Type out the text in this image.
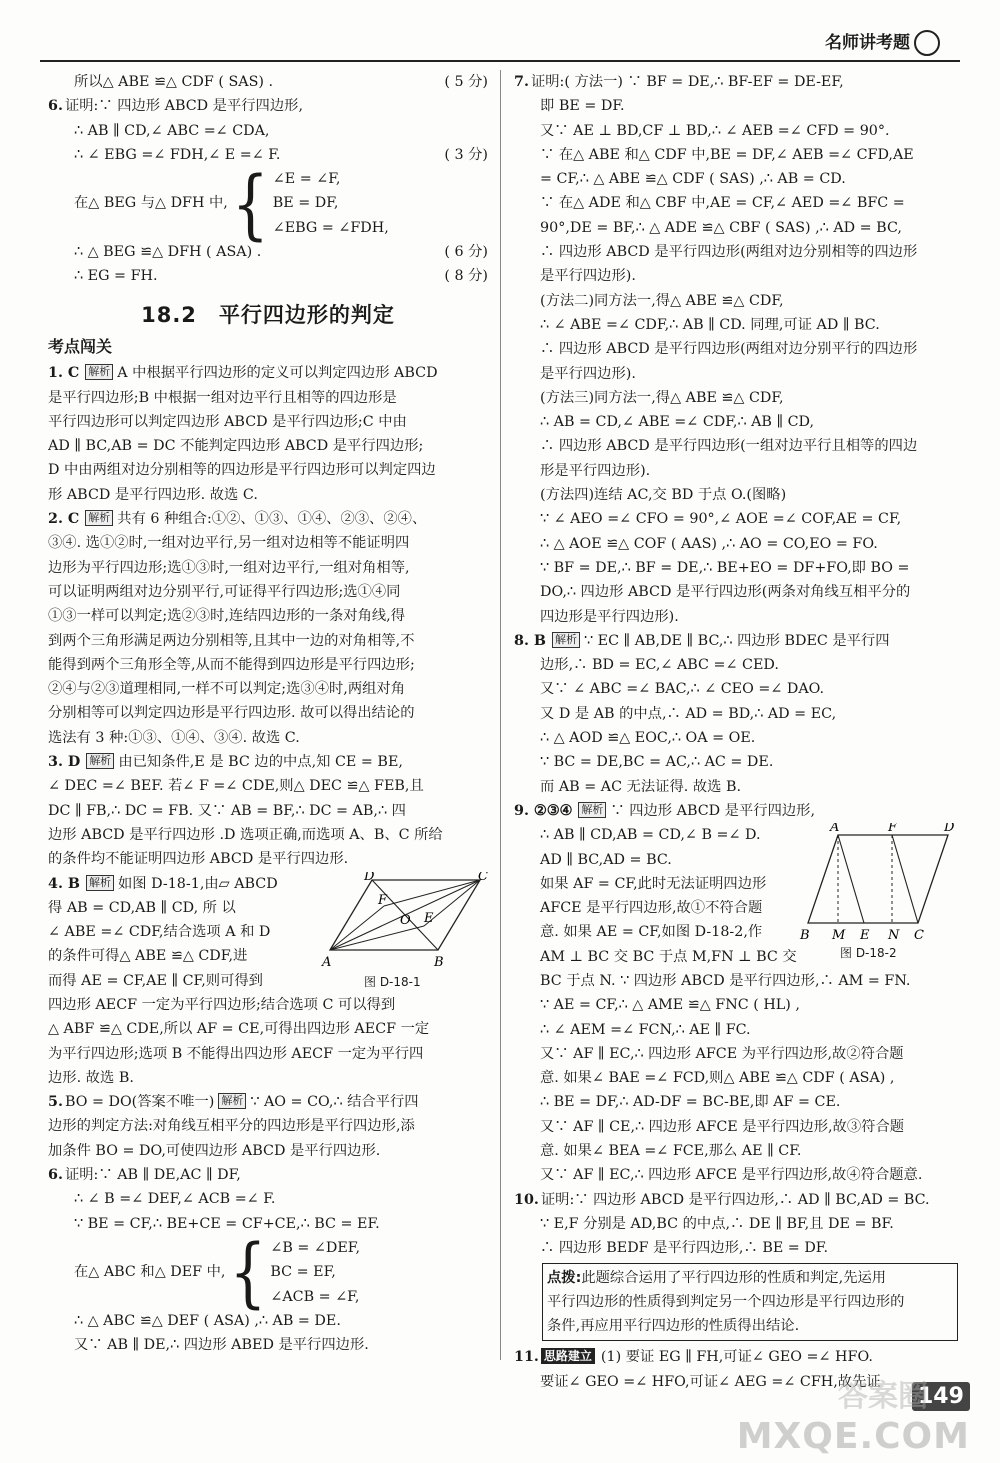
名师讲考题
所以△ ABE ≌△ CDF ( SAS) .	( 5 分)
6. 证明:∵ 四边形 ABCD 是平行四边形,
∴ AB ∥ CD,∠ ABC =∠ CDA,
∴ ∠ EBG =∠ FDH,∠ E =∠ F.	( 3 分)
在△ BEG 与△ DFH 中, { ∠E = ∠F,
BE = DF,
∠EBG = ∠FDH,
∴ △ BEG ≌△ DFH ( ASA) .	( 6 分)
∴ EG = FH.	( 8 分)
18.2　平行四边形的判定
考点闯关
1. C 解析 A 中根据平行四边形的定义可以判定四边形 ABCD
是平行四边形;B 中根据一组对边平行且相等的四边形是
平行四边形可以判定四边形 ABCD 是平行四边形;C 中由
AD ∥ BC,AB = DC 不能判定四边形 ABCD 是平行四边形;
D 中由两组对边分别相等的四边形是平行四边形可以判定四边
形 ABCD 是平行四边形. 故选 C.
2. C 解析 共有 6 种组合:①②、①③、①④、②③、②④、
③④. 选①②时,一组对边平行,另一组对边相等不能证明四
边形为平行四边形;选①③时,一组对边平行,一组对角相等,
可以证明两组对边分别平行,可证得平行四边形;选①④同
①③一样可以判定;选②③时,连结四边形的一条对角线,得
到两个三角形满足两边分别相等,且其中一边的对角相等,不
能得到两个三角形全等,从而不能得到四边形是平行四边形;
②④与②③道理相同,一样不可以判定;选③④时,两组对角
分别相等可以判定四边形是平行四边形. 故可以得出结论的
选法有 3 种:①③、①④、③④. 故选 C.
3. D 解析 由已知条件,E 是 BC 边的中点,知 CE = BE,
∠ DEC =∠ BEF. 若∠ F =∠ CDE,则△ DEC ≌△ FEB,且
DC ∥ FB,∴ DC = FB. 又∵ AB = BF,∴ DC = AB,∴ 四
边形 ABCD 是平行四边形 .D 选项正确,而选项 A、B、C 所给
的条件均不能证明四边形 ABCD 是平行四边形.
4. B 解析 如图 D-18-1,由▱ ABCD
得 AB = CD,AB ∥ CD, 所 以
∠ ABE =∠ CDF,结合选项 A 和 D
的条件可得△ ABE ≌△ CDF,进
而得 AE = CF,AE ∥ CF,则可得到
D	C
A	B
F
O E
图 D-18-1
四边形 AECF 一定为平行四边形;结合选项 C 可以得到
△ ABF ≌△ CDE,所以 AF = CE,可得出四边形 AECF 一定
为平行四边形;选项 B 不能得出四边形 AECF 一定为平行四
边形. 故选 B.
5. BO = DO(答案不唯一) 解析 ∵ AO = CO,∴ 结合平行四
边形的判定方法:对角线互相平分的四边形是平行四边形,添
加条件 BO = DO,可使四边形 ABCD 是平行四边形.
6. 证明:∵ AB ∥ DE,AC ∥ DF,
∴ ∠ B =∠ DEF,∠ ACB =∠ F.
∵ BE = CF,∴ BE+CE = CF+CE,∴ BC = EF.
在△ ABC 和△ DEF 中, { ∠B = ∠DEF,
BC = EF,
∠ACB = ∠F,
∴ △ ABC ≌△ DEF ( ASA) ,∴ AB = DE.
又∵ AB ∥ DE,∴ 四边形 ABED 是平行四边形.
7. 证明:( 方法一) ∵ BF = DE,∴ BF-EF = DE-EF,
即 BE = DF.
又∵ AE ⊥ BD,CF ⊥ BD,∴ ∠ AEB =∠ CFD = 90°.
∵ 在△ ABE 和△ CDF 中,BE = DF,∠ AEB =∠ CFD,AE
= CF,∴ △ ABE ≌△ CDF ( SAS) ,∴ AB = CD.
∵ 在△ ADE 和△ CBF 中,AE = CF,∠ AED =∠ BFC =
90°,DE = BF,∴ △ ADE ≌△ CBF ( SAS) ,∴ AD = BC,
∴ 四边形 ABCD 是平行四边形(两组对边分别相等的四边形
是平行四边形).
(方法二)同方法一,得△ ABE ≌△ CDF,
∴ ∠ ABE =∠ CDF,∴ AB ∥ CD. 同理,可证 AD ∥ BC.
∴ 四边形 ABCD 是平行四边形(两组对边分别平行的四边形
是平行四边形).
(方法三)同方法一,得△ ABE ≌△ CDF,
∴ AB = CD,∠ ABE =∠ CDF,∴ AB ∥ CD,
∴ 四边形 ABCD 是平行四边形(一组对边平行且相等的四边
形是平行四边形).
(方法四)连结 AC,交 BD 于点 O.(图略)
∵ ∠ AEO =∠ CFO = 90°,∠ AOE =∠ COF,AE = CF,
∴ △ AOE ≌△ COF ( AAS) ,∴ AO = CO,EO = FO.
∵ BF = DE,∴ BF = DE,∴ BE+EO = DF+FO,即 BO =
DO,∴ 四边形 ABCD 是平行四边形(两条对角线互相平分的
四边形是平行四边形).
8. B 解析 ∵ EC ∥ AB,DE ∥ BC,∴ 四边形 BDEC 是平行四
边形,∴ BD = EC,∠ ABC =∠ CED.
又∵ ∠ ABC =∠ BAC,∴ ∠ CEO =∠ DAO.
又 D 是 AB 的中点,∴ AD = BD,∴ AD = EC,
∴ △ AOD ≌△ EOC,∴ OA = OE.
∵ BC = DE,BC = AC,∴ AC = DE.
而 AB = AC 无法证得. 故选 B.
9. ②③④ 解析 ∵ 四边形 ABCD 是平行四边形,
∴ AB ∥ CD,AB = CD,∠ B =∠ D.
AD ∥ BC,AD = BC.
如果 AF = CF,此时无法证明四边形
AFCE 是平行四边形,故①不符合题
意. 如果 AE = CF,如图 D-18-2,作
AM ⊥ BC 交 BC 于点 M,FN ⊥ BC 交
A	F	D
B M E N C
图 D-18-2
BC 于点 N. ∵ 四边形 ABCD 是平行四边形,∴ AM = FN.
∵ AE = CF,∴ △ AME ≌△ FNC ( HL) ,
∴ ∠ AEM =∠ FCN,∴ AE ∥ FC.
又∵ AF ∥ EC,∴ 四边形 AFCE 为平行四边形,故②符合题
意. 如果∠ BAE =∠ FCD,则△ ABE ≌△ CDF ( ASA) ,
∴ BE = DF,∴ AD-DF = BC-BE,即 AF = CE.
又∵ AF ∥ CE,∴ 四边形 AFCE 是平行四边形,故③符合题
意. 如果∠ BEA =∠ FCE,那么 AE ∥ CF.
又∵ AF ∥ EC,∴ 四边形 AFCE 是平行四边形,故④符合题意.
10. 证明:∵ 四边形 ABCD 是平行四边形,∴ AD ∥ BC,AD = BC.
∵ E,F 分别是 AD,BC 的中点,∴ DE ∥ BF,且 DE = BF.
∴ 四边形 BEDF 是平行四边形,∴ BE = DF.
点拨:此题综合运用了平行四边形的性质和判定,先运用
平行四边形的性质得到判定另一个四边形是平行四边形的
条件,再应用平行四边形的性质得出结论.
11. 思路建立 (1) 要证 EG ∥ FH,可证∠ GEO =∠ HFO.
要证∠ GEO =∠ HFO,可证∠ AEG =∠ CFH,故先证
149
答案圈
MXQE.COM
